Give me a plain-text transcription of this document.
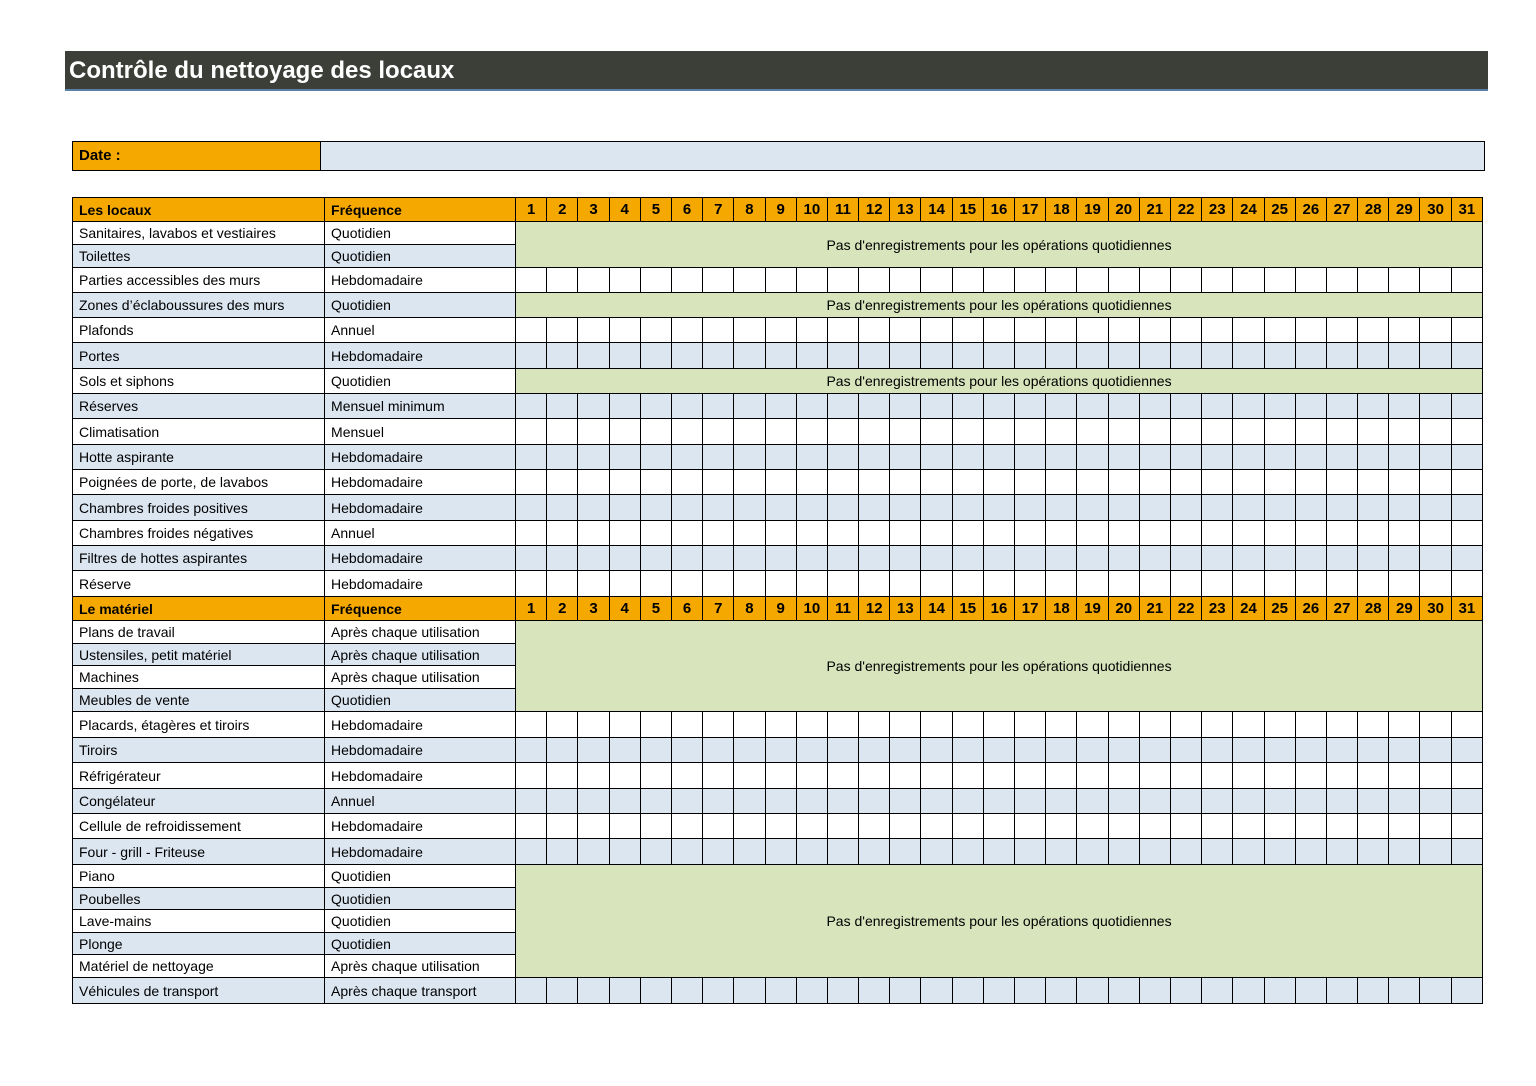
Contrôle du nettoyage des locaux
Date :
Les locaux	Fréquence	1	2	3	4	5	6	7	8	9	10	11	12	13	14	15	16	17	18	19	20	21	22	23	24	25	26	27	28	29	30	31
Sanitaires, lavabos et vestiaires	Quotidien	Pas d'enregistrements pour les opérations quotidiennes																														
Toilettes	Quotidien																															
Parties accessibles des murs	Hebdomadaire																															
Zones d’éclaboussures des murs	Quotidien	Pas d'enregistrements pour les opérations quotidiennes																														
Plafonds	Annuel																															
Portes	Hebdomadaire																															
Sols et siphons	Quotidien	Pas d'enregistrements pour les opérations quotidiennes																														
Réserves	Mensuel minimum																															
Climatisation	Mensuel																															
Hotte aspirante	Hebdomadaire																															
Poignées de porte, de lavabos	Hebdomadaire																															
Chambres froides positives	Hebdomadaire																															
Chambres froides négatives	Annuel																															
Filtres de hottes aspirantes	Hebdomadaire																															
Réserve	Hebdomadaire																															
Le matériel	Fréquence	1	2	3	4	5	6	7	8	9	10	11	12	13	14	15	16	17	18	19	20	21	22	23	24	25	26	27	28	29	30	31
Plans de travail	Après chaque utilisation	Pas d'enregistrements pour les opérations quotidiennes																														
Ustensiles, petit matériel	Après chaque utilisation																															
Machines	Après chaque utilisation																															
Meubles de vente	Quotidien																															
Placards, étagères et tiroirs	Hebdomadaire																															
Tiroirs	Hebdomadaire																															
Réfrigérateur	Hebdomadaire																															
Congélateur	Annuel																															
Cellule de refroidissement	Hebdomadaire																															
Four - grill - Friteuse	Hebdomadaire																															
Piano	Quotidien	Pas d'enregistrements pour les opérations quotidiennes																														
Poubelles	Quotidien																															
Lave-mains	Quotidien																															
Plonge	Quotidien																															
Matériel de nettoyage	Après chaque utilisation																															
Véhicules de transport	Après chaque transport																															
